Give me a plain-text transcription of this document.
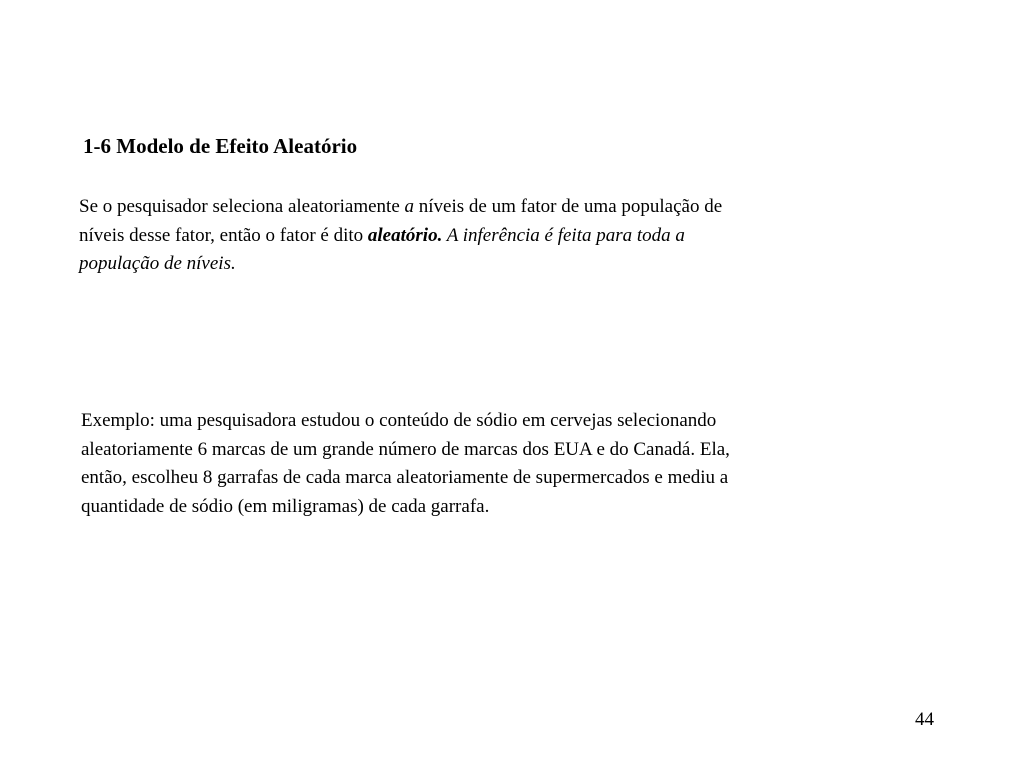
1-6 Modelo de Efeito Aleatório
Se o pesquisador seleciona aleatoriamente a níveis de um fator de uma população de
níveis desse fator, então o fator é dito aleatório. A inferência é feita para toda a
população de níveis.
Exemplo: uma pesquisadora estudou o conteúdo de sódio em cervejas selecionando
aleatoriamente 6 marcas de um grande número de marcas dos EUA e do Canadá. Ela,
então, escolheu 8 garrafas de cada marca aleatoriamente de supermercados e mediu a
quantidade de sódio (em miligramas) de cada garrafa.
44
